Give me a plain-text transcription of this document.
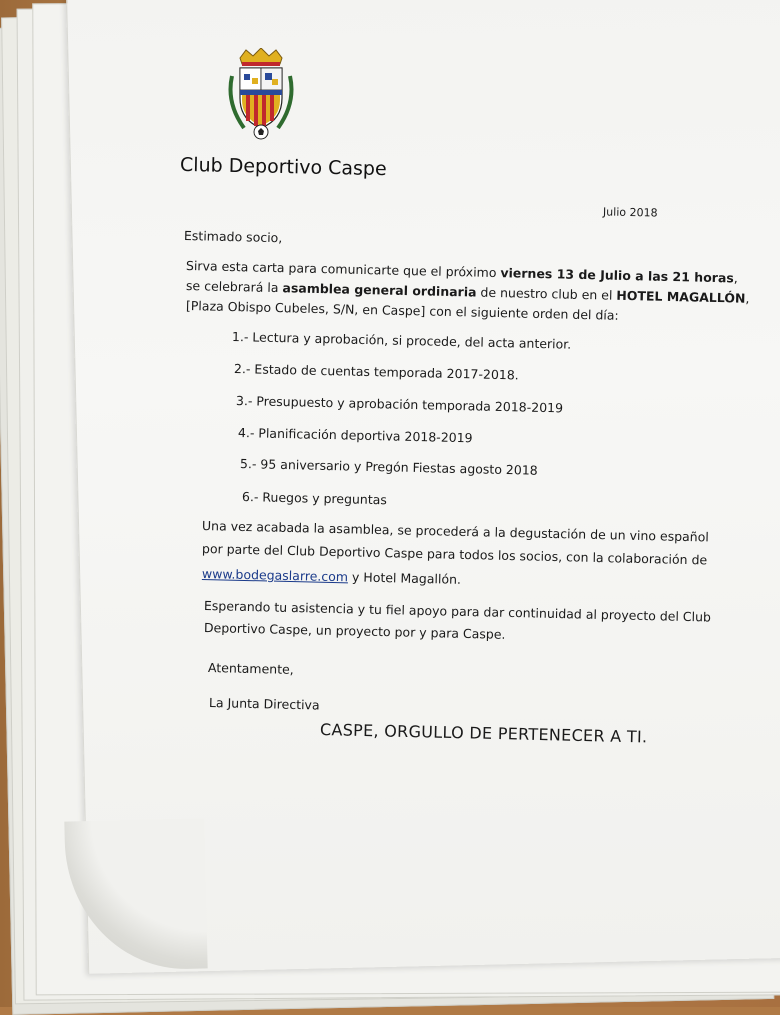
Club Deportivo Caspe
Julio 2018
Estimado socio,
Sirva esta carta para comunicarte que el próximo viernes 13 de Julio a las 21 horas,
se celebrará la asamblea general ordinaria de nuestro club en el HOTEL MAGALLÓN,
[Plaza Obispo Cubeles, S/N, en Caspe] con el siguiente orden del día:
1.- Lectura y aprobación, si procede, del acta anterior.
2.- Estado de cuentas temporada 2017-2018.
3.- Presupuesto y aprobación temporada 2018-2019
4.- Planificación deportiva 2018-2019
5.- 95 aniversario y Pregón Fiestas agosto 2018
6.- Ruegos y preguntas
Una vez acabada la asamblea, se procederá a la degustación de un vino español
por parte del Club Deportivo Caspe para todos los socios, con la colaboración de
www.bodegaslarre.com y Hotel Magallón.
Esperando tu asistencia y tu fiel apoyo para dar continuidad al proyecto del Club
Deportivo Caspe, un proyecto por y para Caspe.
Atentamente,
La Junta Directiva
CASPE, ORGULLO DE PERTENECER A TI.
